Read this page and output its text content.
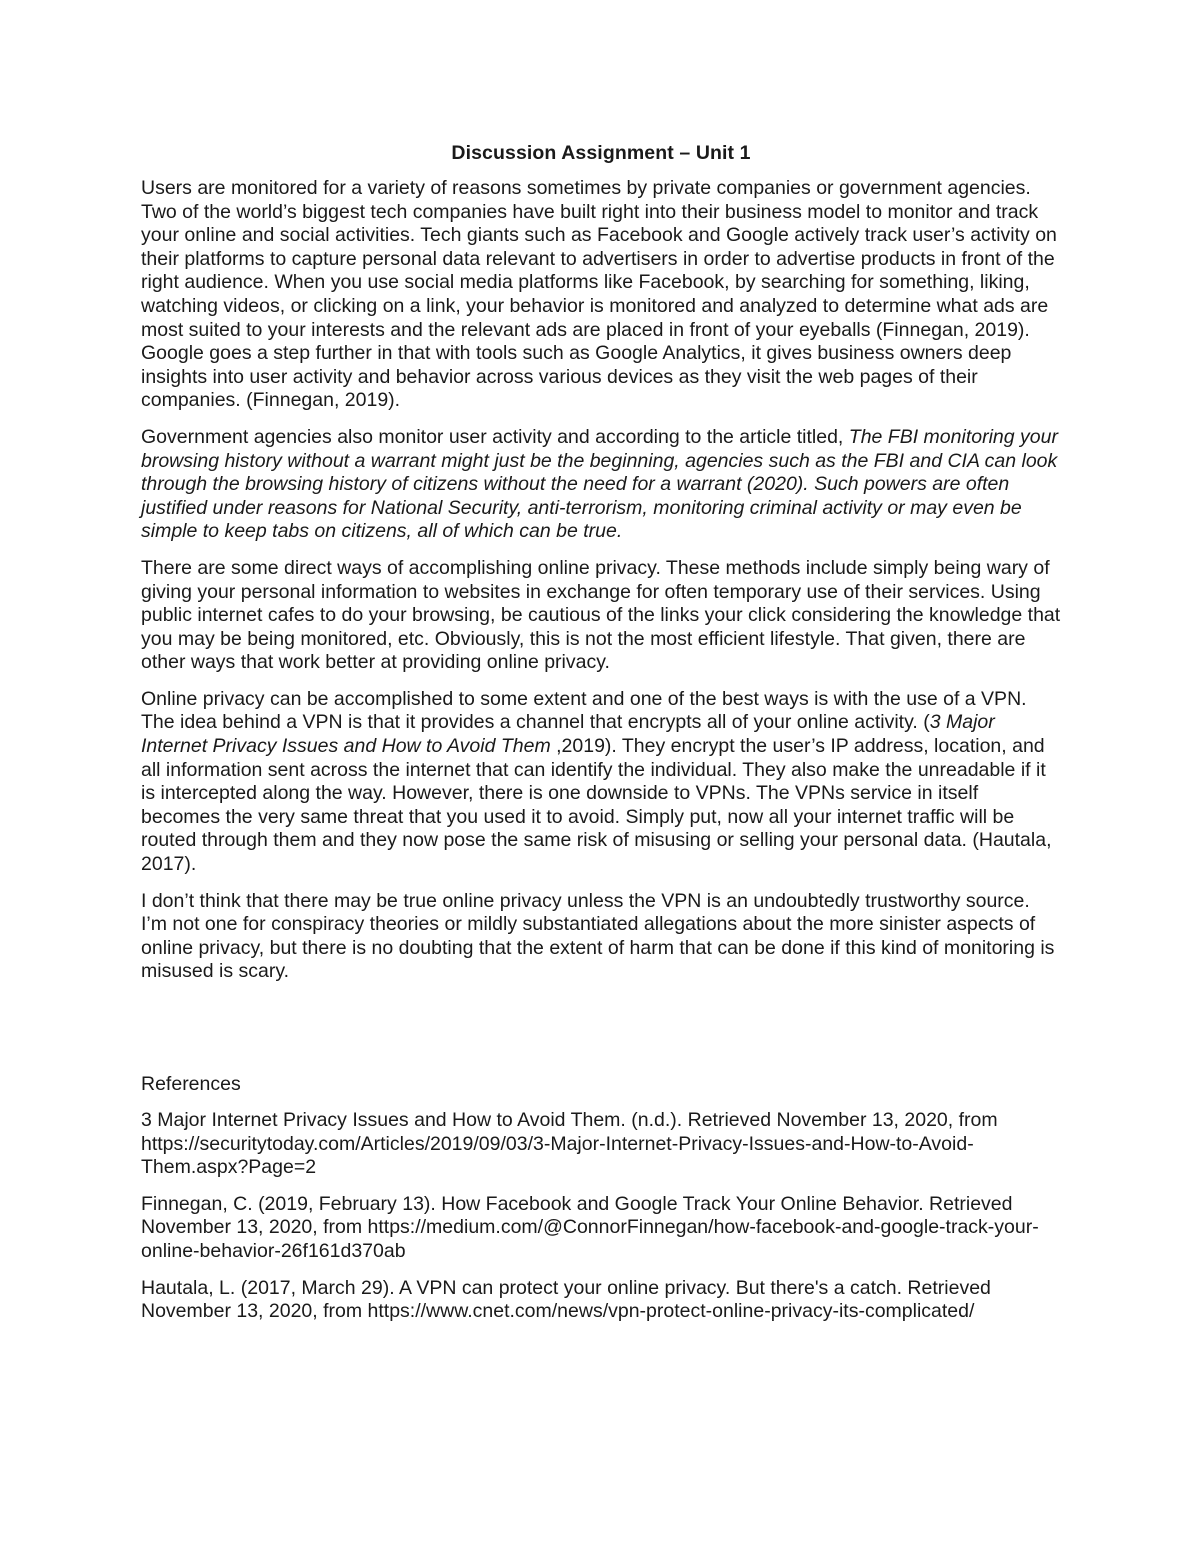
Discussion Assignment – Unit 1

Users are monitored for a variety of reasons sometimes by private companies or government agencies. Two of the world’s biggest tech companies have built right into their business model to monitor and track your online and social activities. Tech giants such as Facebook and Google actively track user’s activity on their platforms to capture personal data relevant to advertisers in order to advertise products in front of the right audience. When you use social media platforms like Facebook, by searching for something, liking, watching videos, or clicking on a link, your behavior is monitored and analyzed to determine what ads are most suited to your interests and the relevant ads are placed in front of your eyeballs (Finnegan, 2019). Google goes a step further in that with tools such as Google Analytics, it gives business owners deep insights into user activity and behavior across various devices as they visit the web pages of their companies. (Finnegan, 2019).

Government agencies also monitor user activity and according to the article titled, The FBI monitoring your browsing history without a warrant might just be the beginning, agencies such as the FBI and CIA can look through the browsing history of citizens without the need for a warrant (2020). Such powers are often justified under reasons for National Security, anti-terrorism, monitoring criminal activity or may even be simple to keep tabs on citizens, all of which can be true.

There are some direct ways of accomplishing online privacy. These methods include simply being wary of giving your personal information to websites in exchange for often temporary use of their services. Using public internet cafes to do your browsing, be cautious of the links your click considering the knowledge that you may be being monitored, etc. Obviously, this is not the most efficient lifestyle. That given, there are other ways that work better at providing online privacy.

Online privacy can be accomplished to some extent and one of the best ways is with the use of a VPN. The idea behind a VPN is that it provides a channel that encrypts all of your online activity. (3 Major Internet Privacy Issues and How to Avoid Them ,2019). They encrypt the user’s IP address, location, and all information sent across the internet that can identify the individual. They also make the unreadable if it is intercepted along the way. However, there is one downside to VPNs. The VPNs service in itself becomes the very same threat that you used it to avoid. Simply put, now all your internet traffic will be routed through them and they now pose the same risk of misusing or selling your personal data. (Hautala, 2017).

I don’t think that there may be true online privacy unless the VPN is an undoubtedly trustworthy source. I’m not one for conspiracy theories or mildly substantiated allegations about the more sinister aspects of online privacy, but there is no doubting that the extent of harm that can be done if this kind of monitoring is misused is scary.

References

3 Major Internet Privacy Issues and How to Avoid Them. (n.d.). Retrieved November 13, 2020, from https://securitytoday.com/Articles/2019/09/03/3-Major-Internet-Privacy-Issues-and-How-to-Avoid-Them.aspx?Page=2

Finnegan, C. (2019, February 13). How Facebook and Google Track Your Online Behavior. Retrieved November 13, 2020, from https://medium.com/@ConnorFinnegan/how-facebook-and-google-track-your-online-behavior-26f161d370ab

Hautala, L. (2017, March 29). A VPN can protect your online privacy. But there's a catch. Retrieved November 13, 2020, from https://www.cnet.com/news/vpn-protect-online-privacy-its-complicated/
